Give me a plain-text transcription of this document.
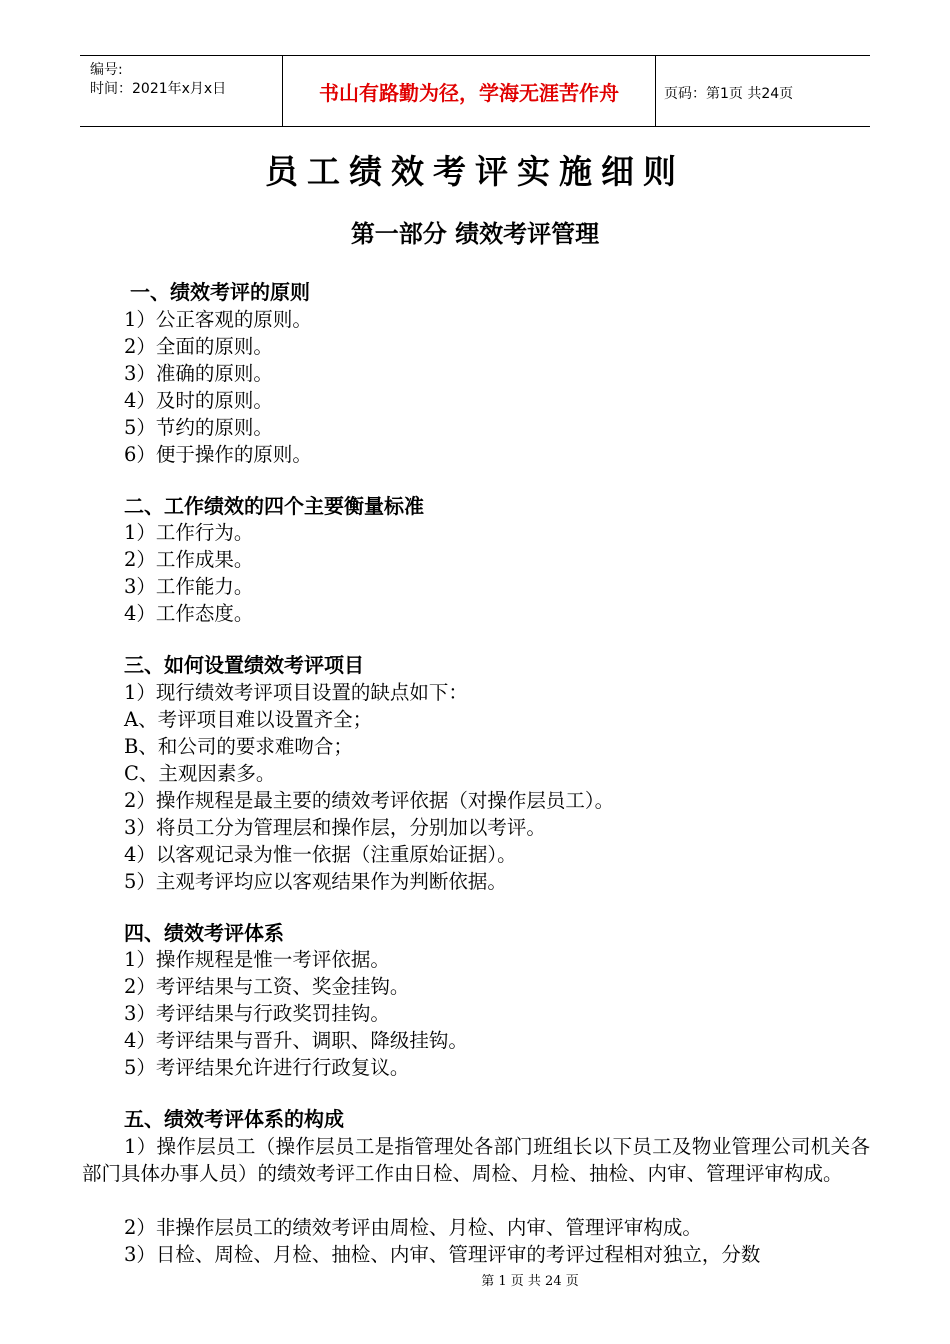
编号:
时间：2021年x月x日	书山有路勤为径，学海无涯苦作舟	页码：第1页 共24页
员工绩效考评实施细则
第一部分 绩效考评管理
一、绩效考评的原则
1）公正客观的原则。
2）全面的原则。
3）准确的原则。
4）及时的原则。
5）节约的原则。
6）便于操作的原则。
二、工作绩效的四个主要衡量标准
1）工作行为。
2）工作成果。
3）工作能力。
4）工作态度。
三、如何设置绩效考评项目
1）现行绩效考评项目设置的缺点如下：
A、考评项目难以设置齐全；
B、和公司的要求难吻合；
C、主观因素多。
2）操作规程是最主要的绩效考评依据（对操作层员工）。
3）将员工分为管理层和操作层，分别加以考评。
4）以客观记录为惟一依据（注重原始证据）。
5）主观考评均应以客观结果作为判断依据。
四、绩效考评体系
1）操作规程是惟一考评依据。
2）考评结果与工资、奖金挂钩。
3）考评结果与行政奖罚挂钩。
4）考评结果与晋升、调职、降级挂钩。
5）考评结果允许进行行政复议。
五、绩效考评体系的构成
1）操作层员工（操作层员工是指管理处各部门班组长以下员工及物业管理公司机关各部门具体办事人员）的绩效考评工作由日检、周检、月检、抽检、内审、管理评审构成。
2）非操作层员工的绩效考评由周检、月检、内审、管理评审构成。
3）日检、周检、月检、抽检、内审、管理评审的考评过程相对独立，分数
第 1 页 共 24 页
